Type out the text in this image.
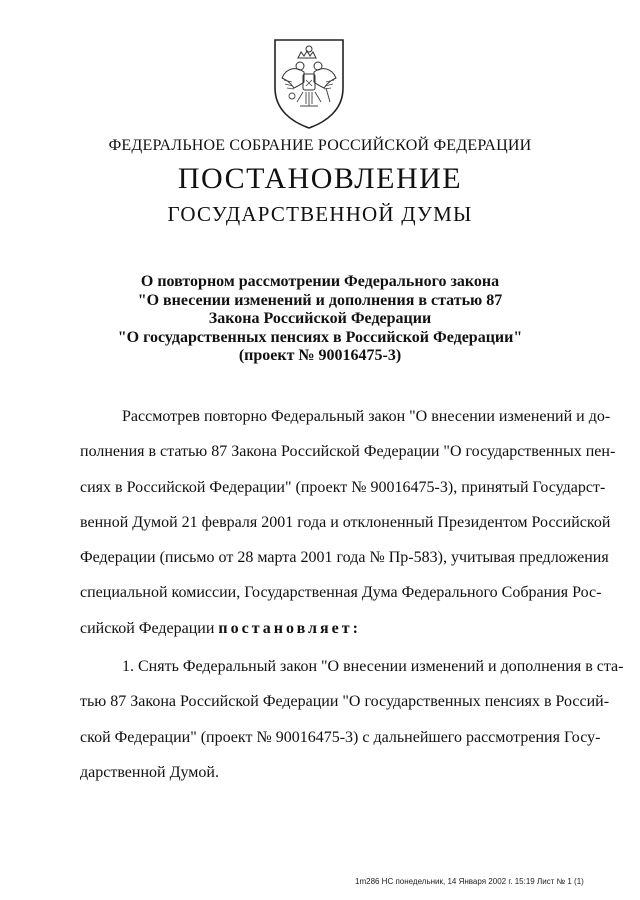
ФЕДЕРАЛЬНОЕ СОБРАНИЕ РОССИЙСКОЙ ФЕДЕРАЦИИ
ПОСТАНОВЛЕНИЕ
ГОСУДАРСТВЕННОЙ ДУМЫ
О повторном рассмотрении Федерального закона
"О внесении изменений и дополнения в статью 87
Закона Российской Федерации
"О государственных пенсиях в Российской Федерации"
(проект № 90016475-3)
Рассмотрев повторно Федеральный закон "О внесении изменений и до-
полнения в статью 87 Закона Российской Федерации "О государственных пен-
сиях в Российской Федерации" (проект № 90016475-3), принятый Государст-
венной Думой 21 февраля 2001 года и отклоненный Президентом Российской
Федерации (письмо от 28 марта 2001 года № Пр-583), учитывая предложения
специальной комиссии, Государственная Дума Федерального Собрания Рос-
сийской Федерации постановляет:
1. Снять Федеральный закон "О внесении изменений и дополнения в ста-
тью 87 Закона Российской Федерации "О государственных пенсиях в Россий-
ской Федерации" (проект № 90016475-3) с дальнейшего рассмотрения Госу-
дарственной Думой.
1m286 НС понедельник, 14 Января 2002 г. 15:19 Лист № 1 (1)
